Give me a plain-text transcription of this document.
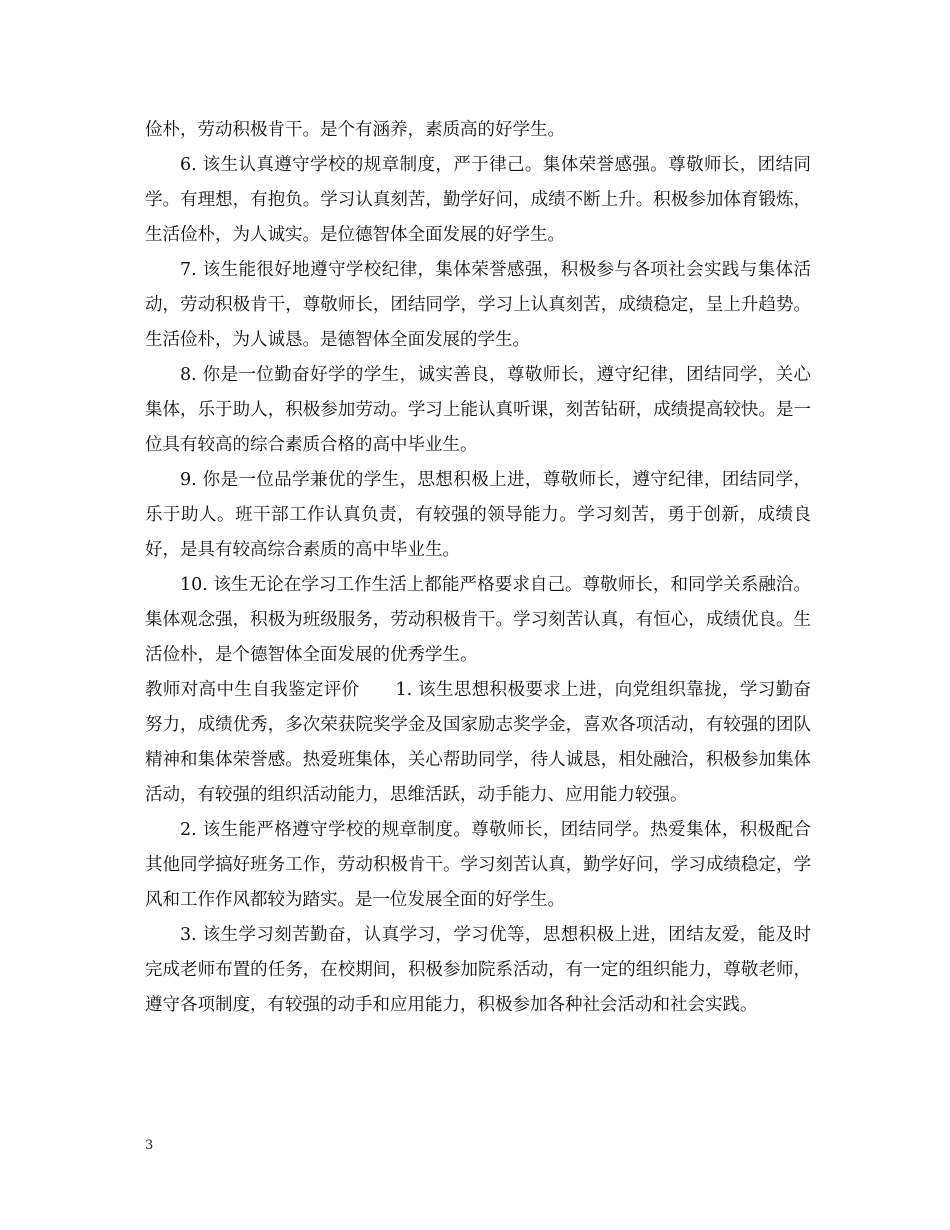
俭朴，劳动积极肯干。是个有涵养，素质高的好学生。

6. 该生认真遵守学校的规章制度，严于律己。集体荣誉感强。尊敬师长，团结同学。有理想，有抱负。学习认真刻苦，勤学好问，成绩不断上升。积极参加体育锻炼，生活俭朴，为人诚实。是位德智体全面发展的好学生。

7. 该生能很好地遵守学校纪律，集体荣誉感强，积极参与各项社会实践与集体活动，劳动积极肯干，尊敬师长，团结同学，学习上认真刻苦，成绩稳定，呈上升趋势。生活俭朴，为人诚恳。是德智体全面发展的学生。

8. 你是一位勤奋好学的学生，诚实善良，尊敬师长，遵守纪律，团结同学，关心集体，乐于助人，积极参加劳动。学习上能认真听课，刻苦钻研，成绩提高较快。是一位具有较高的综合素质合格的高中毕业生。

9. 你是一位品学兼优的学生，思想积极上进，尊敬师长，遵守纪律，团结同学，乐于助人。班干部工作认真负责，有较强的领导能力。学习刻苦，勇于创新，成绩良好，是具有较高综合素质的高中毕业生。

10. 该生无论在学习工作生活上都能严格要求自己。尊敬师长，和同学关系融洽。集体观念强，积极为班级服务，劳动积极肯干。学习刻苦认真，有恒心，成绩优良。生活俭朴，是个德智体全面发展的优秀学生。

教师对高中生自我鉴定评价 1. 该生思想积极要求上进，向党组织靠拢，学习勤奋努力，成绩优秀，多次荣获院奖学金及国家励志奖学金，喜欢各项活动，有较强的团队精神和集体荣誉感。热爱班集体，关心帮助同学，待人诚恳，相处融洽，积极参加集体活动，有较强的组织活动能力，思维活跃，动手能力、应用能力较强。

2. 该生能严格遵守学校的规章制度。尊敬师长，团结同学。热爱集体，积极配合其他同学搞好班务工作，劳动积极肯干。学习刻苦认真，勤学好问，学习成绩稳定，学风和工作作风都较为踏实。是一位发展全面的好学生。

3. 该生学习刻苦勤奋，认真学习，学习优等，思想积极上进，团结友爱，能及时完成老师布置的任务，在校期间，积极参加院系活动，有一定的组织能力，尊敬老师，遵守各项制度，有较强的动手和应用能力，积极参加各种社会活动和社会实践。

3
